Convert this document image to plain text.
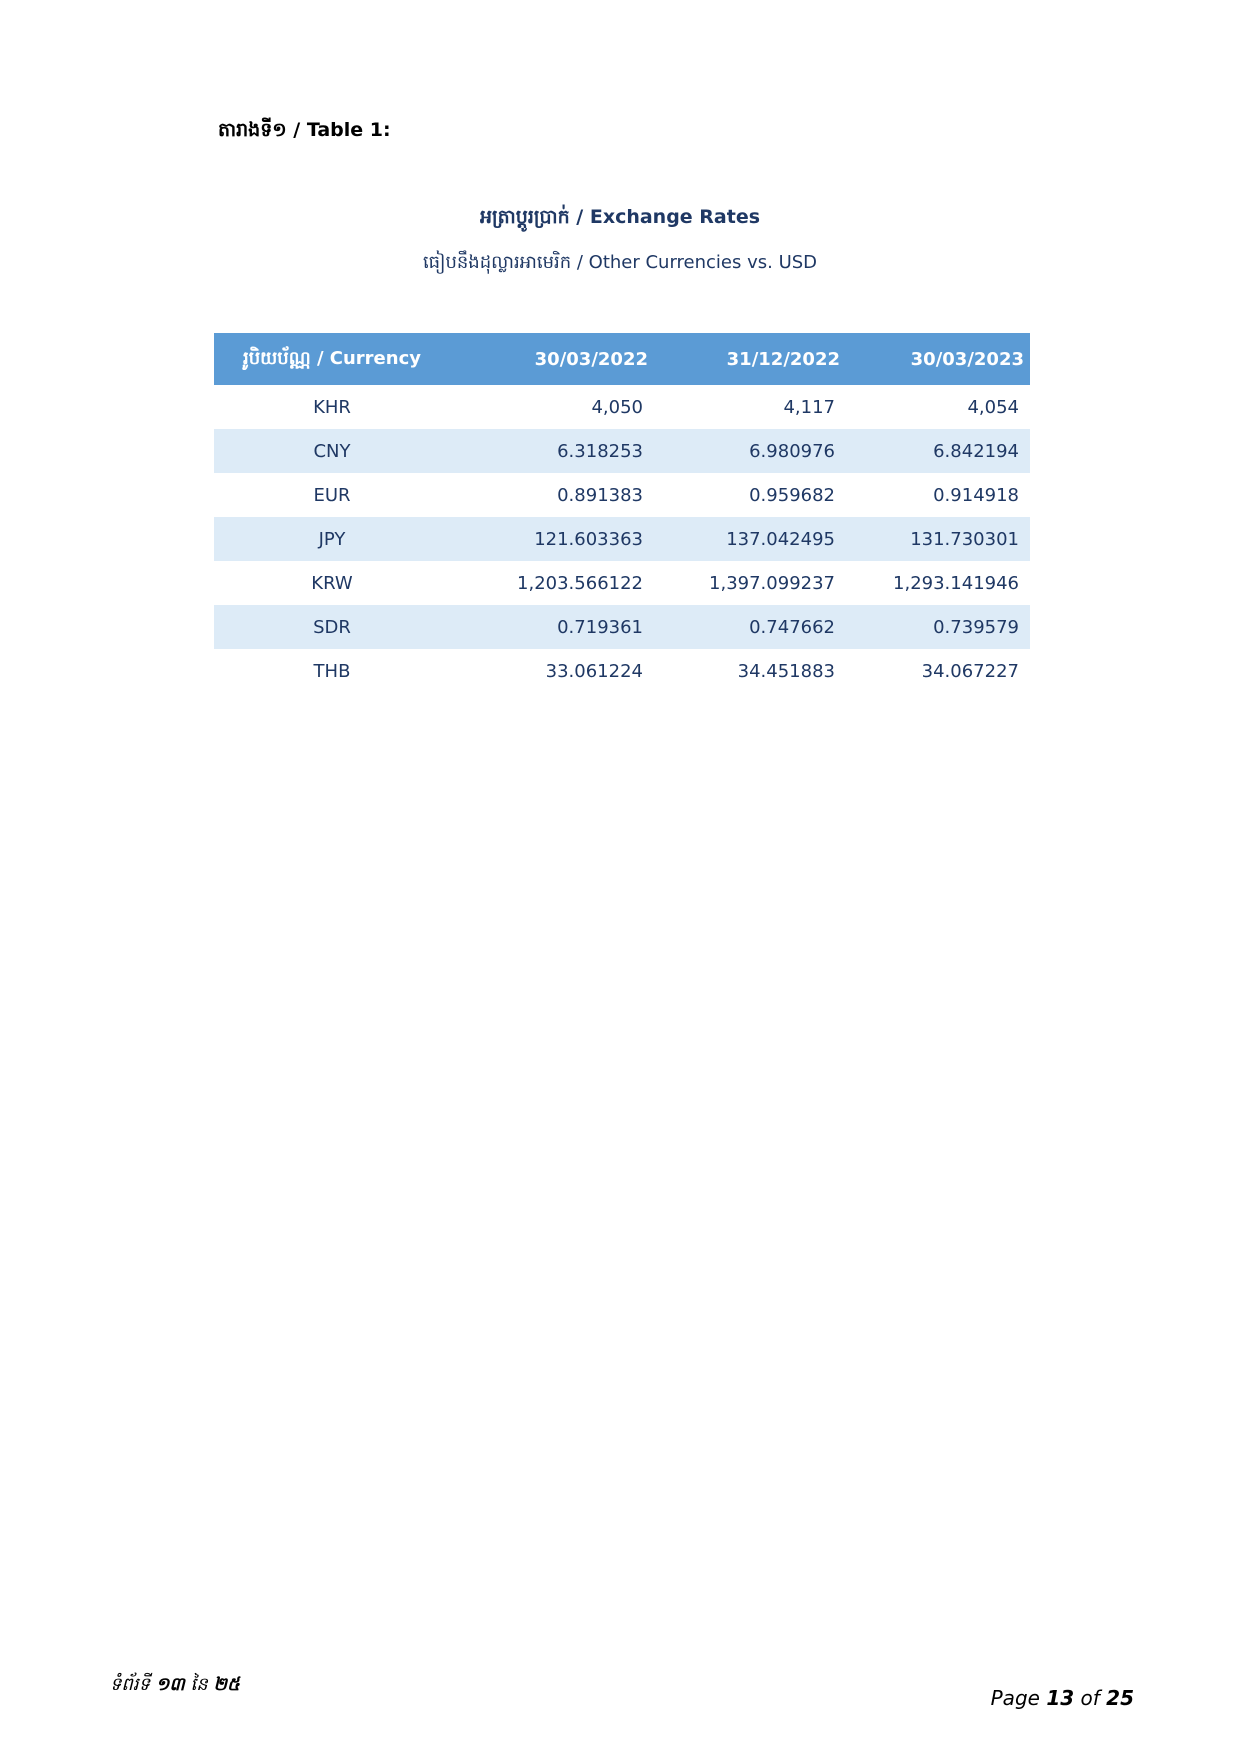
តារាងទី១ / Table 1:
អត្រាប្តូរប្រាក់ / Exchange Rates
ធៀបនឹងដុល្លារអាមេរិក / Other Currencies vs. USD
រូបិយប័ណ្ណ / Currency	30/03/2022	31/12/2022	30/03/2023
KHR	4,050	4,117	4,054
CNY	6.318253	6.980976	6.842194
EUR	0.891383	0.959682	0.914918
JPY	121.603363	137.042495	131.730301
KRW	1,203.566122	1,397.099237	1,293.141946
SDR	0.719361	0.747662	0.739579
THB	33.061224	34.451883	34.067227
ទំព័រទី ១៣ នៃ ២៥
Page 13 of 25
